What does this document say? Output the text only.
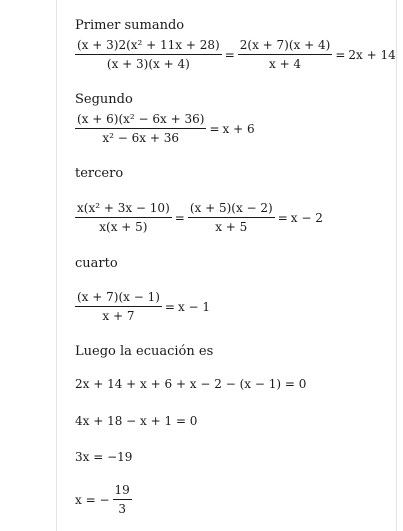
Primer sumando
$\frac{\text{(x + 3)2(x² + 11x + 28)}}{(x + 3)(x + 4)} = \frac{2(x + 7)(x + 4)}{x + 4} = 2x + 14$
Segundo
$\frac{\text{(x + 6)(x² − 6x + 36)}}{\text{x² − 6x + 36}} = x + 6$
tercero
$\frac{\text{x(x² + 3x − 10)}}{x(x + 5)} = \frac{(x + 5)(x - 2)}{x + 5} = x - 2$
cuarto
$\frac{(x + 7)(x - 1)}{x + 7} = x - 1$
Luego la ecuación es
2x + 14 + x + 6 + x − 2 − (x − 1) = 0
4x + 18 − x + 1 = 0
3x = −19
x = − $\frac{19}{3}$
